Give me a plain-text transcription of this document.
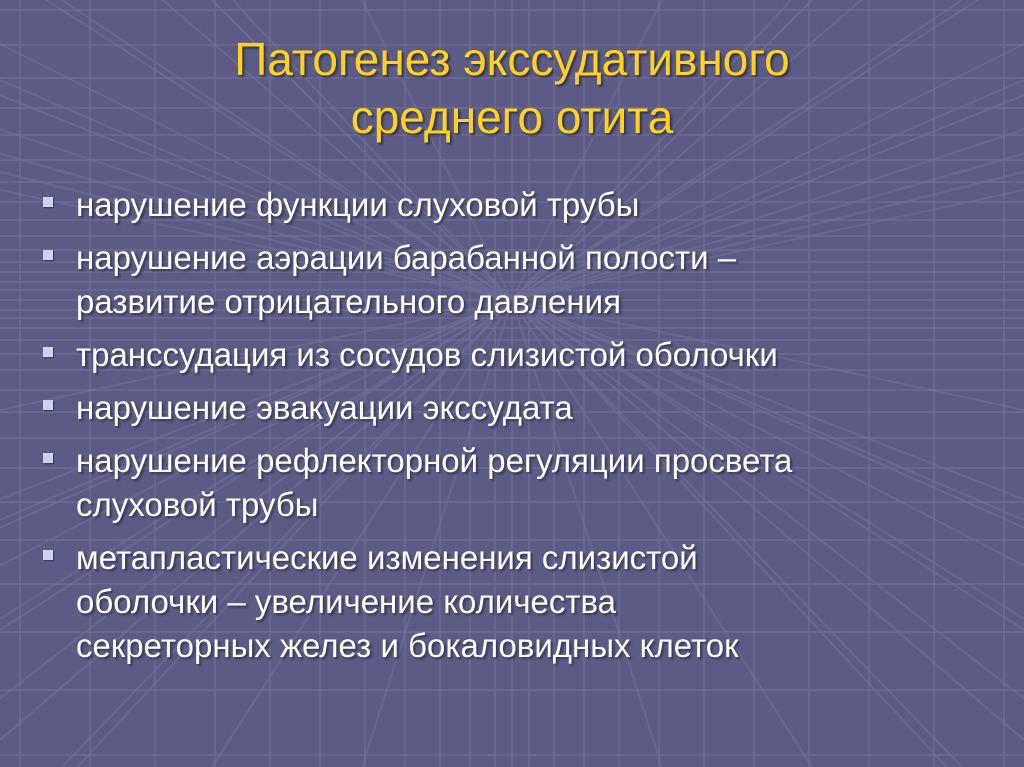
Патогенез экссудативного
среднего отита
нарушение функции слуховой трубы
нарушение аэрации барабанной полости –
развитие отрицательного давления
транссудация из сосудов слизистой оболочки
нарушение эвакуации экссудата
нарушение рефлекторной регуляции просвета
слуховой трубы
метапластические изменения слизистой
оболочки – увеличение количества
секреторных желез и бокаловидных клеток
